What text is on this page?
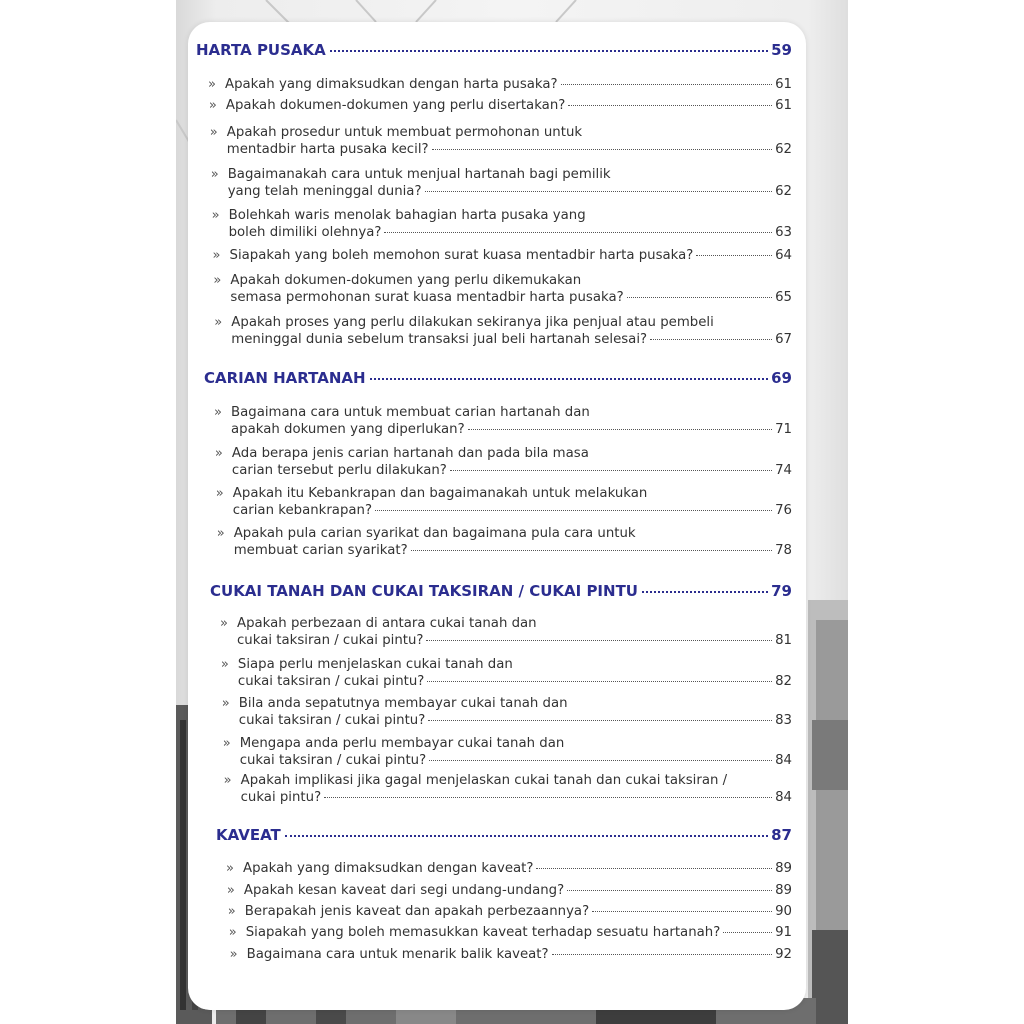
HARTA PUSAKA	59
» Apakah yang dimaksudkan dengan harta pusaka?	61
» Apakah dokumen-dokumen yang perlu disertakan?	61
» Apakah prosedur untuk membuat permohonan untuk
mentadbir harta pusaka kecil?	62
» Bagaimanakah cara untuk menjual hartanah bagi pemilik
yang telah meninggal dunia?	62
» Bolehkah waris menolak bahagian harta pusaka yang
boleh dimiliki olehnya?	63
» Siapakah yang boleh memohon surat kuasa mentadbir harta pusaka?	64
» Apakah dokumen-dokumen yang perlu dikemukakan
semasa permohonan surat kuasa mentadbir harta pusaka?	65
» Apakah proses yang perlu dilakukan sekiranya jika penjual atau pembeli
meninggal dunia sebelum transaksi jual beli hartanah selesai?	67
CARIAN HARTANAH	69
» Bagaimana cara untuk membuat carian hartanah dan
apakah dokumen yang diperlukan?	71
» Ada berapa jenis carian hartanah dan pada bila masa
carian tersebut perlu dilakukan?	74
» Apakah itu Kebankrapan dan bagaimanakah untuk melakukan
carian kebankrapan?	76
» Apakah pula carian syarikat dan bagaimana pula cara untuk
membuat carian syarikat?	78
CUKAI TANAH DAN CUKAI TAKSIRAN / CUKAI PINTU	79
» Apakah perbezaan di antara cukai tanah dan
cukai taksiran / cukai pintu?	81
» Siapa perlu menjelaskan cukai tanah dan
cukai taksiran / cukai pintu?	82
» Bila anda sepatutnya membayar cukai tanah dan
cukai taksiran / cukai pintu?	83
» Mengapa anda perlu membayar cukai tanah dan
cukai taksiran / cukai pintu?	84
» Apakah implikasi jika gagal menjelaskan cukai tanah dan cukai taksiran /
cukai pintu?	84
KAVEAT	87
» Apakah yang dimaksudkan dengan kaveat?	89
» Apakah kesan kaveat dari segi undang-undang?	89
» Berapakah jenis kaveat dan apakah perbezaannya?	90
» Siapakah yang boleh memasukkan kaveat terhadap sesuatu hartanah?	91
» Bagaimana cara untuk menarik balik kaveat?	92
